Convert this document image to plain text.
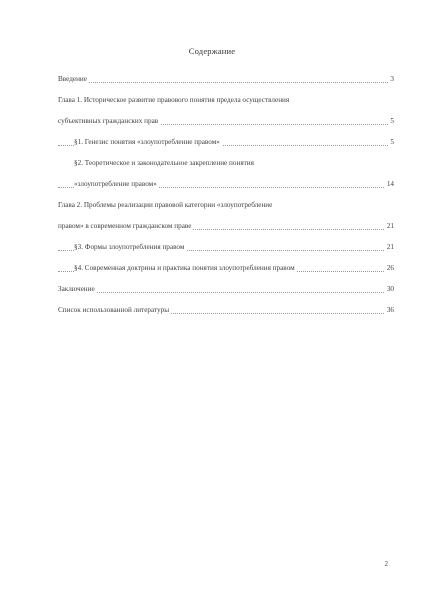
Содержание
Введение	3
Глава 1. Историческое развитие правового понятия предела осуществления
субъективных гражданских прав	5
§1. Генезис понятия «злоупотребление правом»	5
§2. Теоретическое и законодательное закрепление понятия
«злоупотребление правом»	14
Глава 2. Проблемы реализации правовой категории «злоупотребление
правом» в современном гражданском праве	21
§3. Формы злоупотребления правом	21
§4. Современная доктрина и практика понятия злоупотребления правом	26
Заключение	30
Список использованной литературы	36
2
